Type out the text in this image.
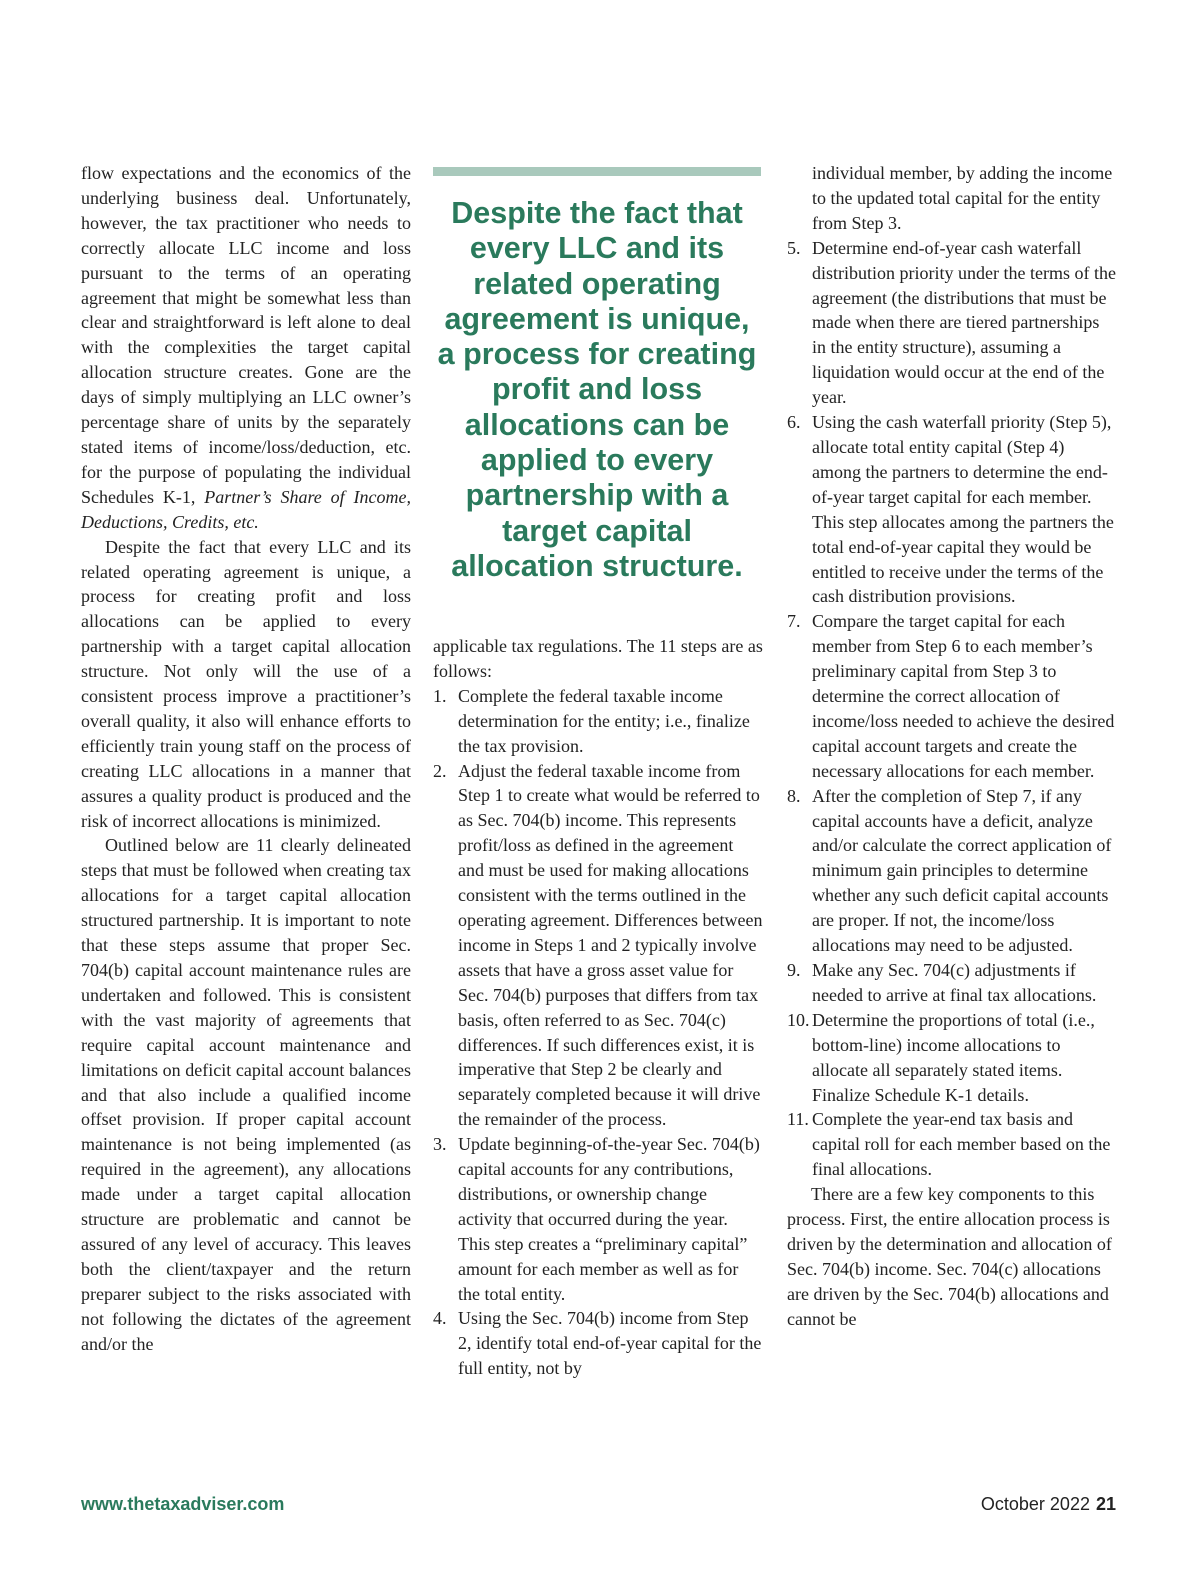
flow expectations and the economics of the underlying business deal. Unfortunately, however, the tax practitioner who needs to correctly allocate LLC income and loss pursuant to the terms of an operating agreement that might be somewhat less than clear and straightforward is left alone to deal with the complexities the target capital allocation structure creates. Gone are the days of simply multiplying an LLC owner’s percentage share of units by the separately stated items of income/loss/deduction, etc. for the purpose of populating the individual Schedules K-1, Partner’s Share of Income, Deductions, Credits, etc.

Despite the fact that every LLC and its related operating agreement is unique, a process for creating profit and loss allocations can be applied to every partnership with a target capital allocation structure. Not only will the use of a consistent process improve a practitioner’s overall quality, it also will enhance efforts to efficiently train young staff on the process of creating LLC allocations in a manner that assures a quality product is produced and the risk of incorrect allocations is minimized.

Outlined below are 11 clearly delineated steps that must be followed when creating tax allocations for a target capital allocation structured partnership. It is important to note that these steps assume that proper Sec. 704(b) capital account maintenance rules are undertaken and followed. This is consistent with the vast majority of agreements that require capital account maintenance and limitations on deficit capital account balances and that also include a qualified income offset provision. If proper capital account maintenance is not being implemented (as required in the agreement), any allocations made under a target capital allocation structure are problematic and cannot be assured of any level of accuracy. This leaves both the client/taxpayer and the return preparer subject to the risks associated with not following the dictates of the agreement and/or the

Despite the fact that every LLC and its related operating agreement is unique, a process for creating profit and loss allocations can be applied to every partnership with a target capital allocation structure.

applicable tax regulations. The 11 steps are as follows:

1. Complete the federal taxable income determination for the entity; i.e., finalize the tax provision.
2. Adjust the federal taxable income from Step 1 to create what would be referred to as Sec. 704(b) income. This represents profit/loss as defined in the agreement and must be used for making allocations consistent with the terms outlined in the operating agreement. Differences between income in Steps 1 and 2 typically involve assets that have a gross asset value for Sec. 704(b) purposes that differs from tax basis, often referred to as Sec. 704(c) differences. If such differences exist, it is imperative that Step 2 be clearly and separately completed because it will drive the remainder of the process.
3. Update beginning-of-the-year Sec. 704(b) capital accounts for any contributions, distributions, or ownership change activity that occurred during the year. This step creates a “preliminary capital” amount for each member as well as for the total entity.
4. Using the Sec. 704(b) income from Step 2, identify total end-of-year capital for the full entity, not by

individual member, by adding the income to the updated total capital for the entity from Step 3.

5. Determine end-of-year cash waterfall distribution priority under the terms of the agreement (the distributions that must be made when there are tiered partnerships in the entity structure), assuming a liquidation would occur at the end of the year.
6. Using the cash waterfall priority (Step 5), allocate total entity capital (Step 4) among the partners to determine the end-of-year target capital for each member. This step allocates among the partners the total end-of-year capital they would be entitled to receive under the terms of the cash distribution provisions.
7. Compare the target capital for each member from Step 6 to each member’s preliminary capital from Step 3 to determine the correct allocation of income/loss needed to achieve the desired capital account targets and create the necessary allocations for each member.
8. After the completion of Step 7, if any capital accounts have a deficit, analyze and/or calculate the correct application of minimum gain principles to determine whether any such deficit capital accounts are proper. If not, the income/loss allocations may need to be adjusted.
9. Make any Sec. 704(c) adjustments if needed to arrive at final tax allocations.
10. Determine the proportions of total (i.e., bottom-line) income allocations to allocate all separately stated items. Finalize Schedule K-1 details.
11. Complete the year-end tax basis and capital roll for each member based on the final allocations.

There are a few key components to this process. First, the entire allocation process is driven by the determination and allocation of Sec. 704(b) income. Sec. 704(c) allocations are driven by the Sec. 704(b) allocations and cannot be

www.thetaxadviser.com	October 2022 21
